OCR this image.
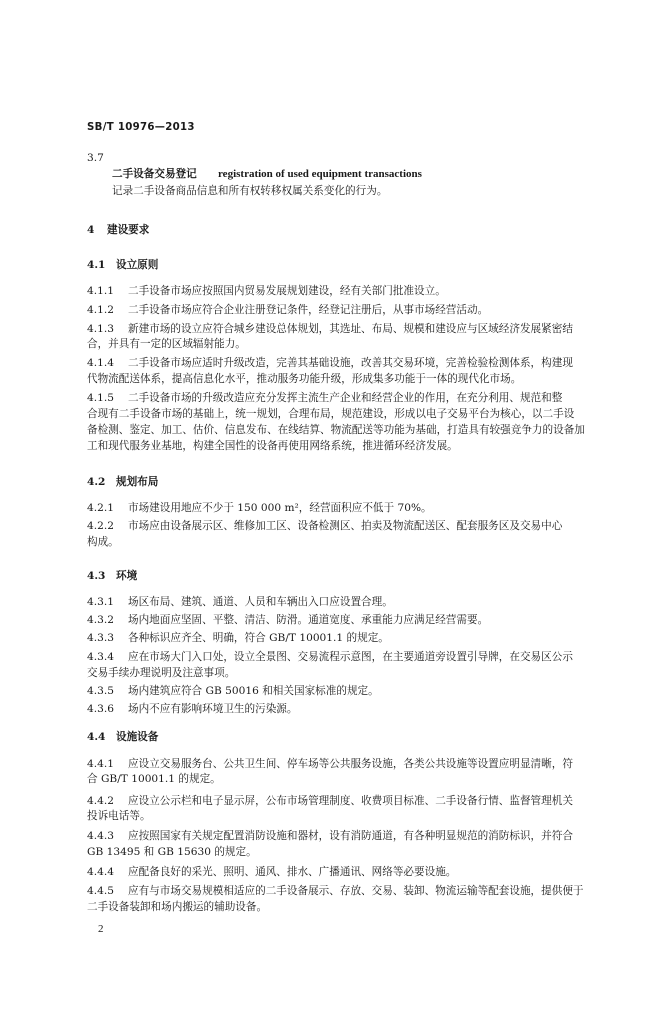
SB/T 10976—2013
3.7
二手设备交易登记 registration of used equipment transactions
记录二手设备商品信息和所有权转移权属关系变化的行为。
4 建设要求
4.1 设立原则
4.1.1 二手设备市场应按照国内贸易发展规划建设，经有关部门批准设立。
4.1.2 二手设备市场应符合企业注册登记条件，经登记注册后，从事市场经营活动。
4.1.3 新建市场的设立应符合城乡建设总体规划，其选址、布局、规模和建设应与区域经济发展紧密结
合，并具有一定的区域辐射能力。
4.1.4 二手设备市场应适时升级改造，完善其基础设施，改善其交易环境，完善检验检测体系，构建现
代物流配送体系，提高信息化水平，推动服务功能升级，形成集多功能于一体的现代化市场。
4.1.5 二手设备市场的升级改造应充分发挥主流生产企业和经营企业的作用，在充分利用、规范和整
合现有二手设备市场的基础上，统一规划，合理布局，规范建设，形成以电子交易平台为核心，以二手设
备检测、鉴定、加工、估价、信息发布、在线结算、物流配送等功能为基础，打造具有较强竞争力的设备加
工和现代服务业基地，构建全国性的设备再使用网络系统，推进循环经济发展。
4.2 规划布局
4.2.1 市场建设用地应不少于 150 000 m²，经营面积应不低于 70%。
4.2.2 市场应由设备展示区、维修加工区、设备检测区、拍卖及物流配送区、配套服务区及交易中心
构成。
4.3 环境
4.3.1 场区布局、建筑、通道、人员和车辆出入口应设置合理。
4.3.2 场内地面应坚固、平整、清洁、防滑。通道宽度、承重能力应满足经营需要。
4.3.3 各种标识应齐全、明确，符合 GB/T 10001.1 的规定。
4.3.4 应在市场大门入口处，设立全景图、交易流程示意图，在主要通道旁设置引导牌，在交易区公示
交易手续办理说明及注意事项。
4.3.5 场内建筑应符合 GB 50016 和相关国家标准的规定。
4.3.6 场内不应有影响环境卫生的污染源。
4.4 设施设备
4.4.1 应设立交易服务台、公共卫生间、停车场等公共服务设施，各类公共设施等设置应明显清晰，符
合 GB/T 10001.1 的规定。
4.4.2 应设立公示栏和电子显示屏，公布市场管理制度、收费项目标准、二手设备行情、监督管理机关
投诉电话等。
4.4.3 应按照国家有关规定配置消防设施和器材，设有消防通道，有各种明显规范的消防标识，并符合
GB 13495 和 GB 15630 的规定。
4.4.4 应配备良好的采光、照明、通风、排水、广播通讯、网络等必要设施。
4.4.5 应有与市场交易规模相适应的二手设备展示、存放、交易、装卸、物流运输等配套设施，提供便于
二手设备装卸和场内搬运的辅助设备。
2
